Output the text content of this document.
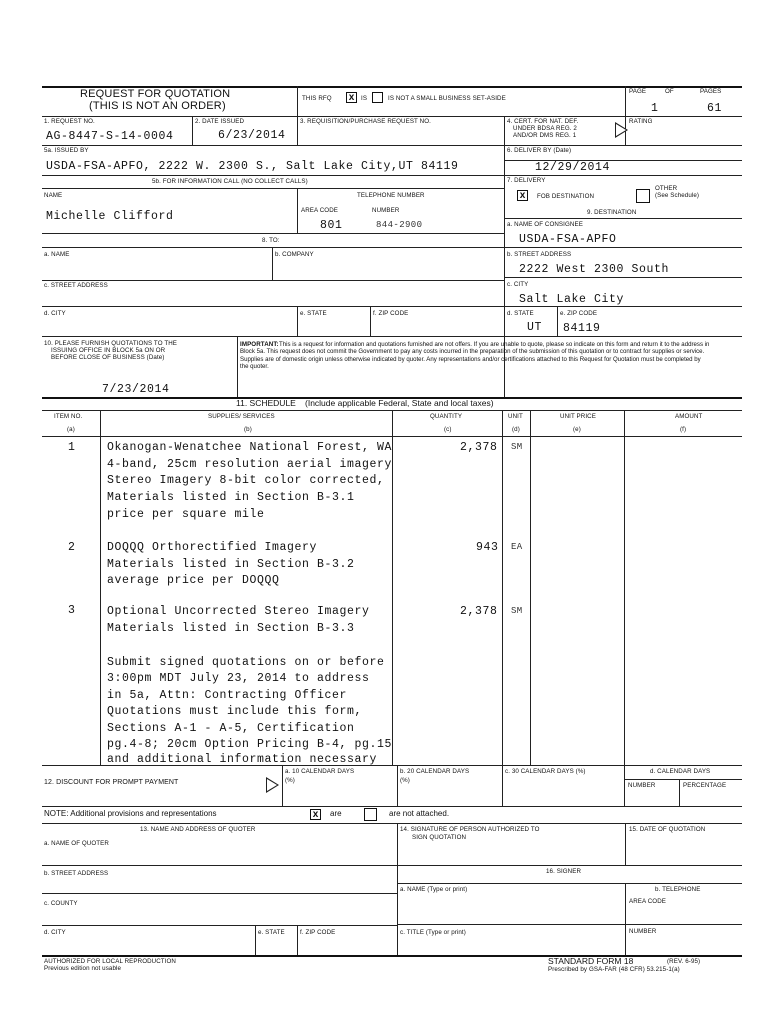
REQUEST FOR QUOTATION
(THIS IS NOT AN ORDER)
THIS RFQ x	IS	IS NOT A SMALL BUSINESS SET-ASIDE
PAGE	OF	PAGES
1	61
1. REQUEST NO.
AG-8447-S-14-0004
2. DATE ISSUED
6/23/2014
3. REQUISITION/PURCHASE REQUEST NO.	4. CERT. FOR NAT. DEF.
UNDER BDSA REG. 2
AND/OR DMS REG. 1
RATING
5a. ISSUED BY
USDA-FSA-APFO, 2222 W. 2300 S., Salt Lake City,UT 84119
6. DELIVER BY (Date)
12/29/2014
5b. FOR INFORMATION CALL (NO COLLECT CALLS)
NAME	TELEPHONE NUMBER
Michelle Clifford	AREA CODE	NUMBER
801	844-2900
7. DELIVERY
x	FOB DESTINATION
OTHER
(See Schedule)
9. DESTINATION
a. NAME OF CONSIGNEE
USDA-FSA-APFO
8. TO:
a. NAME	b. COMPANY	b. STREET ADDRESS
2222 West 2300 South
c. STREET ADDRESS	c. CITY
Salt Lake City
d. CITY	e. STATE	f. ZIP CODE	d. STATE	e. ZIP CODE
UT 84119
10. PLEASE FURNISH QUOTATIONS TO THE
ISSUING OFFICE IN BLOCK 5a ON OR
BEFORE CLOSE OF BUSINESS (Date)
7/23/2014
IMPORTANT: This is a request for information and quotations furnished are not offers. If you are unable to quote, please so indicate on this form and return it to the address in Block 5a. This request does not commit the Government to pay any costs incurred in the preparation of the submission of this quotation or to contract for supplies or service. Supplies are of domestic origin unless otherwise indicated by quoter. Any representations and/or certifications attached to this Request for Quotation must be completed by the quoter.
11. SCHEDULE (Include applicable Federal, State and local taxes)
ITEM NO.	SUPPLIES/ SERVICES	QUANTITY	UNIT	UNIT PRICE	AMOUNT
(a)	(b)	(c)	(d)	(e)	(f)
1	Okanogan-Wenatchee National Forest, WA
4-band, 25cm resolution aerial imagery
Stereo Imagery 8-bit color corrected,
Materials listed in Section B-3.1
price per square mile
2,378 SM
2	DOQQQ Orthorectified Imagery
Materials listed in Section B-3.2
average price per DOQQQ
943 EA
3	Optional Uncorrected Stereo Imagery
Materials listed in Section B-3.3
2,378 SM
Submit signed quotations on or before
3:00pm MDT July 23, 2014 to address
in 5a, Attn: Contracting Officer
Quotations must include this form,
Sections A-1 - A-5, Certification
pg.4-8; 20cm Option Pricing B-4, pg.15
and additional information necessary
12. DISCOUNT FOR PROMPT PAYMENT
a. 10 CALENDAR DAYS
(%)
b. 20 CALENDAR DAYS
(%)
c. 30 CALENDAR DAYS (%)	d. CALENDAR DAYS
NUMBER	PERCENTAGE
NOTE: Additional provisions and representations	x	are	are not attached.
13. NAME AND ADDRESS OF QUOTER
a. NAME OF QUOTER
14. SIGNATURE OF PERSON AUTHORIZED TO
SIGN QUOTATION
15. DATE OF QUOTATION
b. STREET ADDRESS	16. SIGNER
a. NAME (Type or print)	b. TELEPHONE
AREA CODE
c. COUNTY
c. TITLE (Type or print)	NUMBER
d. CITY	e. STATE f. ZIP CODE
AUTHORIZED FOR LOCAL REPRODUCTION
Previous edition not usable
STANDARD FORM 18	(REV. 6-95)
Prescribed by GSA-FAR (48 CFR) 53.215-1(a)
